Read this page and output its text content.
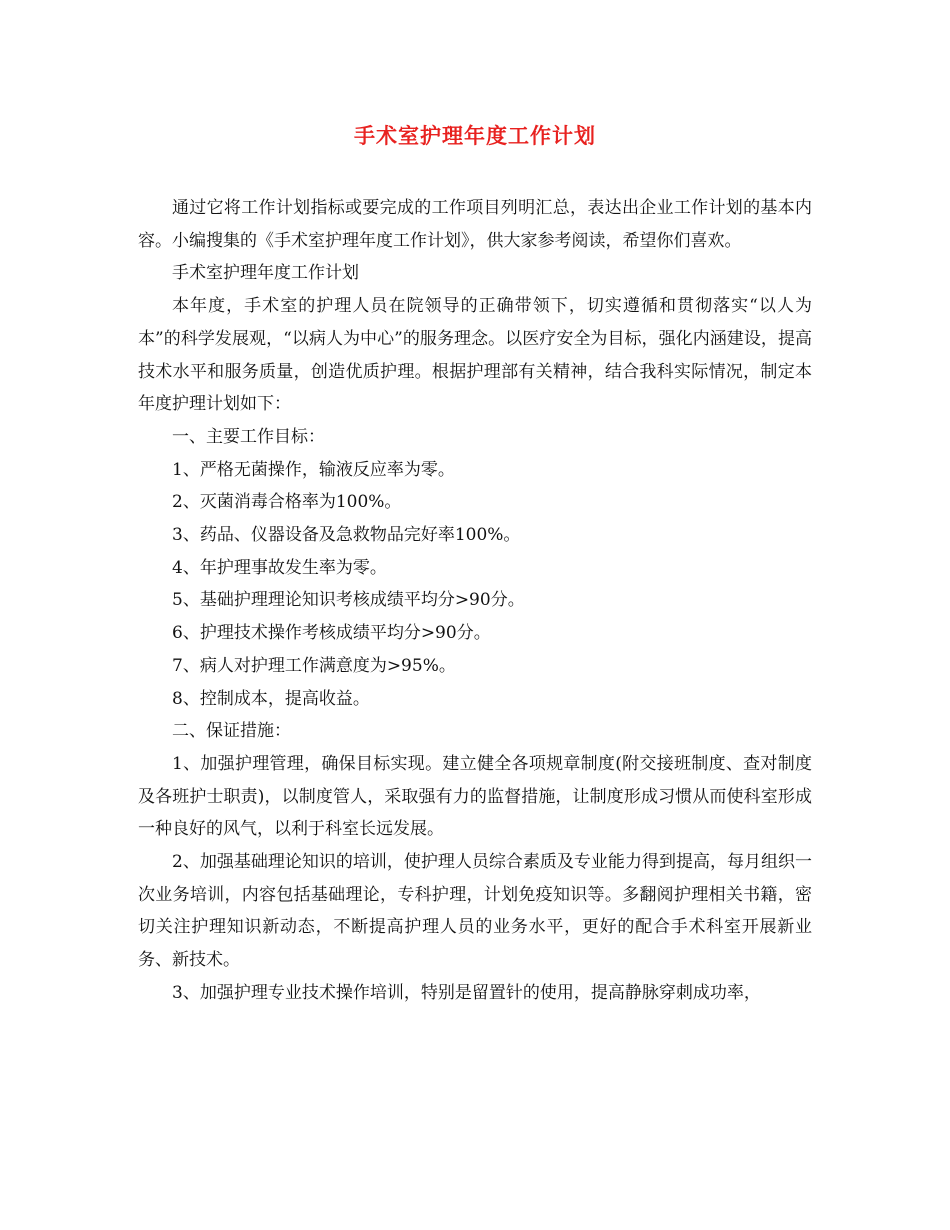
手术室护理年度工作计划

通过它将工作计划指标或要完成的工作项目列明汇总，表达出企业工作计划的基本内容。小编搜集的《手术室护理年度工作计划》，供大家参考阅读，希望你们喜欢。

手术室护理年度工作计划

本年度，手术室的护理人员在院领导的正确带领下，切实遵循和贯彻落实“以人为本”的科学发展观，“以病人为中心”的服务理念。以医疗安全为目标，强化内涵建设，提高技术水平和服务质量，创造优质护理。根据护理部有关精神，结合我科实际情况，制定本年度护理计划如下：

一、主要工作目标：

1、严格无菌操作，输液反应率为零。

2、灭菌消毒合格率为100%。

3、药品、仪器设备及急救物品完好率100%。

4、年护理事故发生率为零。

5、基础护理理论知识考核成绩平均分>90分。

6、护理技术操作考核成绩平均分>90分。

7、病人对护理工作满意度为>95%。

8、控制成本，提高收益。

二、保证措施：

1、加强护理管理，确保目标实现。建立健全各项规章制度(附交接班制度、查对制度及各班护士职责)，以制度管人，采取强有力的监督措施，让制度形成习惯从而使科室形成一种良好的风气，以利于科室长远发展。

2、加强基础理论知识的培训，使护理人员综合素质及专业能力得到提高，每月组织一次业务培训，内容包括基础理论，专科护理，计划免疫知识等。多翻阅护理相关书籍，密切关注护理知识新动态，不断提高护理人员的业务水平，更好的配合手术科室开展新业务、新技术。

3、加强护理专业技术操作培训，特别是留置针的使用，提高静脉穿刺成功率，
